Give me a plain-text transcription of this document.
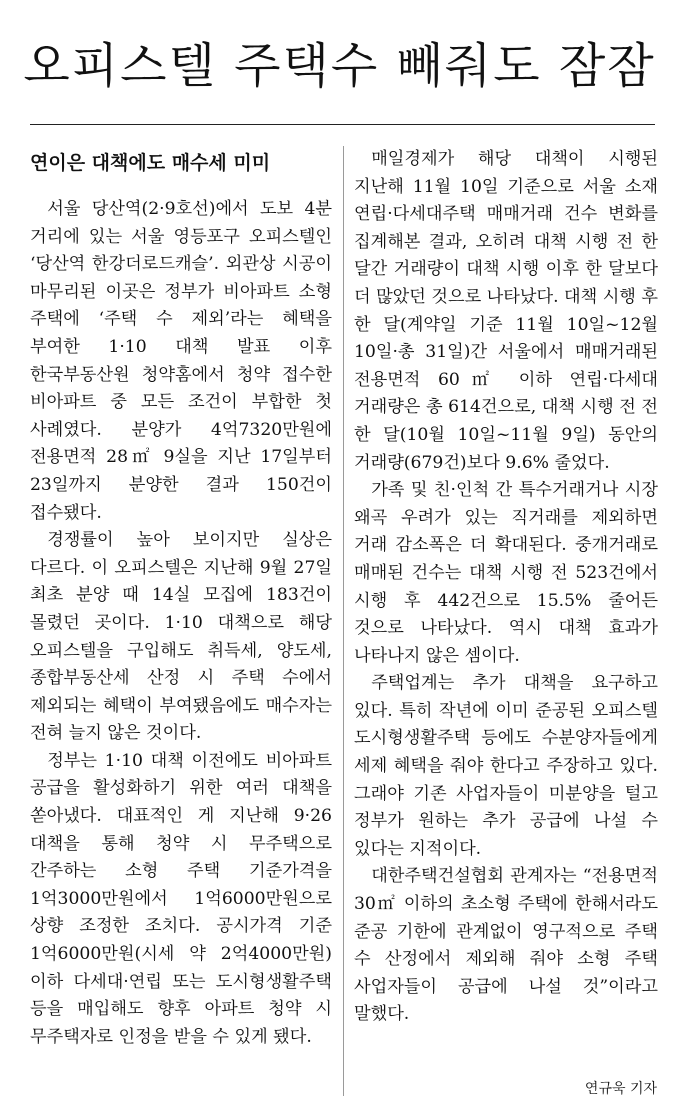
오피스텔 주택수 빼줘도 잠잠
연이은 대책에도 매수세 미미

서울 당산역(2·9호선)에서 도보 4분 거리에 있는 서울 영등포구 오피스텔인 ‘당산역 한강더로드캐슬’. 외관상 시공이 마무리된 이곳은 정부가 비아파트 소형 주택에 ‘주택 수 제외’라는 혜택을 부여한 1·10 대책 발표 이후 한국부동산원 청약홈에서 청약 접수한 비아파트 중 모든 조건이 부합한 첫 사례였다. 분양가 4억7320만원에 전용면적 28㎡ 9실을 지난 17일부터 23일까지 분양한 결과 150건이 접수됐다.

경쟁률이 높아 보이지만 실상은 다르다. 이 오피스텔은 지난해 9월 27일 최초 분양 때 14실 모집에 183건이 몰렸던 곳이다. 1·10 대책으로 해당 오피스텔을 구입해도 취득세, 양도세, 종합부동산세 산정 시 주택 수에서 제외되는 혜택이 부여됐음에도 매수자는 전혀 늘지 않은 것이다.

정부는 1·10 대책 이전에도 비아파트 공급을 활성화하기 위한 여러 대책을 쏟아냈다. 대표적인 게 지난해 9·26 대책을 통해 청약 시 무주택으로 간주하는 소형 주택 기준가격을 1억3000만원에서 1억6000만원으로 상향 조정한 조치다. 공시가격 기준 1억6000만원(시세 약 2억4000만원) 이하 다세대·연립 또는 도시형생활주택 등을 매입해도 향후 아파트 청약 시 무주택자로 인정을 받을 수 있게 됐다.

매일경제가 해당 대책이 시행된 지난해 11월 10일 기준으로 서울 소재 연립·다세대주택 매매거래 건수 변화를 집계해본 결과, 오히려 대책 시행 전 한 달간 거래량이 대책 시행 이후 한 달보다 더 많았던 것으로 나타났다. 대책 시행 후 한 달(계약일 기준 11월 10일~12월 10일·총 31일)간 서울에서 매매거래된 전용면적 60㎡ 이하 연립·다세대 거래량은 총 614건으로, 대책 시행 전 전 한 달(10월 10일~11월 9일) 동안의 거래량(679건)보다 9.6% 줄었다.

가족 및 친·인척 간 특수거래거나 시장 왜곡 우려가 있는 직거래를 제외하면 거래 감소폭은 더 확대된다. 중개거래로 매매된 건수는 대책 시행 전 523건에서 시행 후 442건으로 15.5% 줄어든 것으로 나타났다. 역시 대책 효과가 나타나지 않은 셈이다.

주택업계는 추가 대책을 요구하고 있다. 특히 작년에 이미 준공된 오피스텔 도시형생활주택 등에도 수분양자들에게 세제 혜택을 줘야 한다고 주장하고 있다. 그래야 기존 사업자들이 미분양을 털고 정부가 원하는 추가 공급에 나설 수 있다는 지적이다.

대한주택건설협회 관계자는 “전용면적 30㎡ 이하의 초소형 주택에 한해서라도 준공 기한에 관계없이 영구적으로 주택 수 산정에서 제외해 줘야 소형 주택 사업자들이 공급에 나설 것”이라고 말했다.

연규욱 기자
